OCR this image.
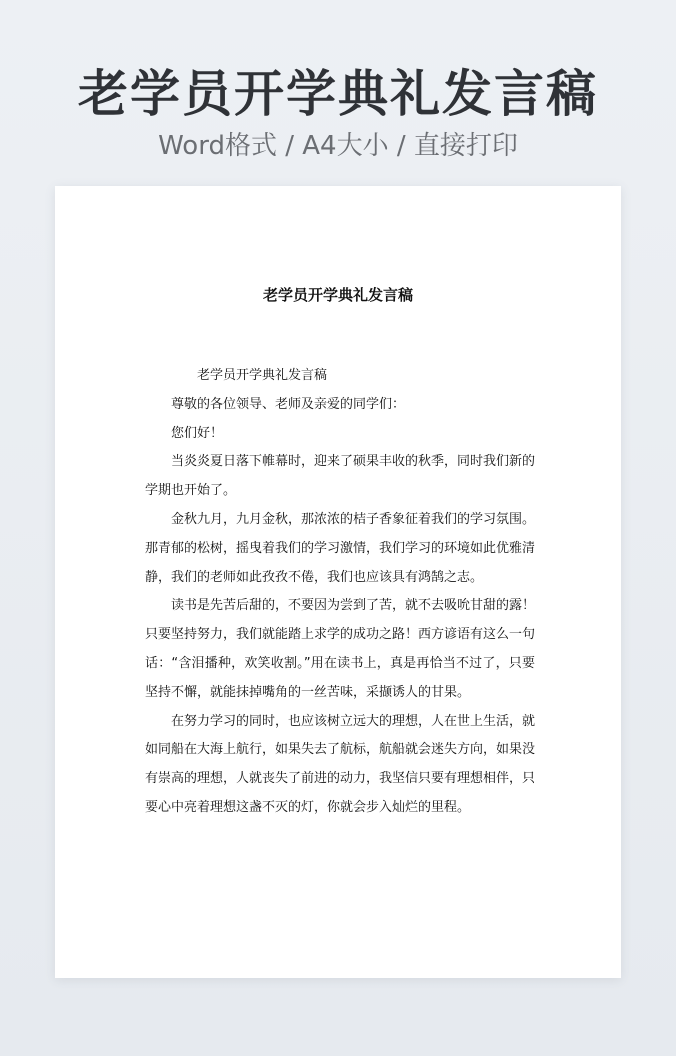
老学员开学典礼发言稿
Word格式 / A4大小 / 直接打印
老学员开学典礼发言稿

老学员开学典礼发言稿

尊敬的各位领导、老师及亲爱的同学们：

您们好！

当炎炎夏日落下帷幕时，迎来了硕果丰收的秋季，同时我们新的学期也开始了。

金秋九月，九月金秋，那浓浓的桔子香象征着我们的学习氛围。那青郁的松树，摇曳着我们的学习激情，我们学习的环境如此优雅清静，我们的老师如此孜孜不倦，我们也应该具有鸿鹄之志。

读书是先苦后甜的，不要因为尝到了苦，就不去吸吮甘甜的露！只要坚持努力，我们就能踏上求学的成功之路！西方谚语有这么一句话：“含泪播种，欢笑收割。”用在读书上，真是再恰当不过了，只要坚持不懈，就能抹掉嘴角的一丝苦味，采撷诱人的甘果。

在努力学习的同时，也应该树立远大的理想，人在世上生活，就如同船在大海上航行，如果失去了航标，航船就会迷失方向，如果没有崇高的理想，人就丧失了前进的动力，我坚信只要有理想相伴，只要心中亮着理想这盏不灭的灯，你就会步入灿烂的里程。
